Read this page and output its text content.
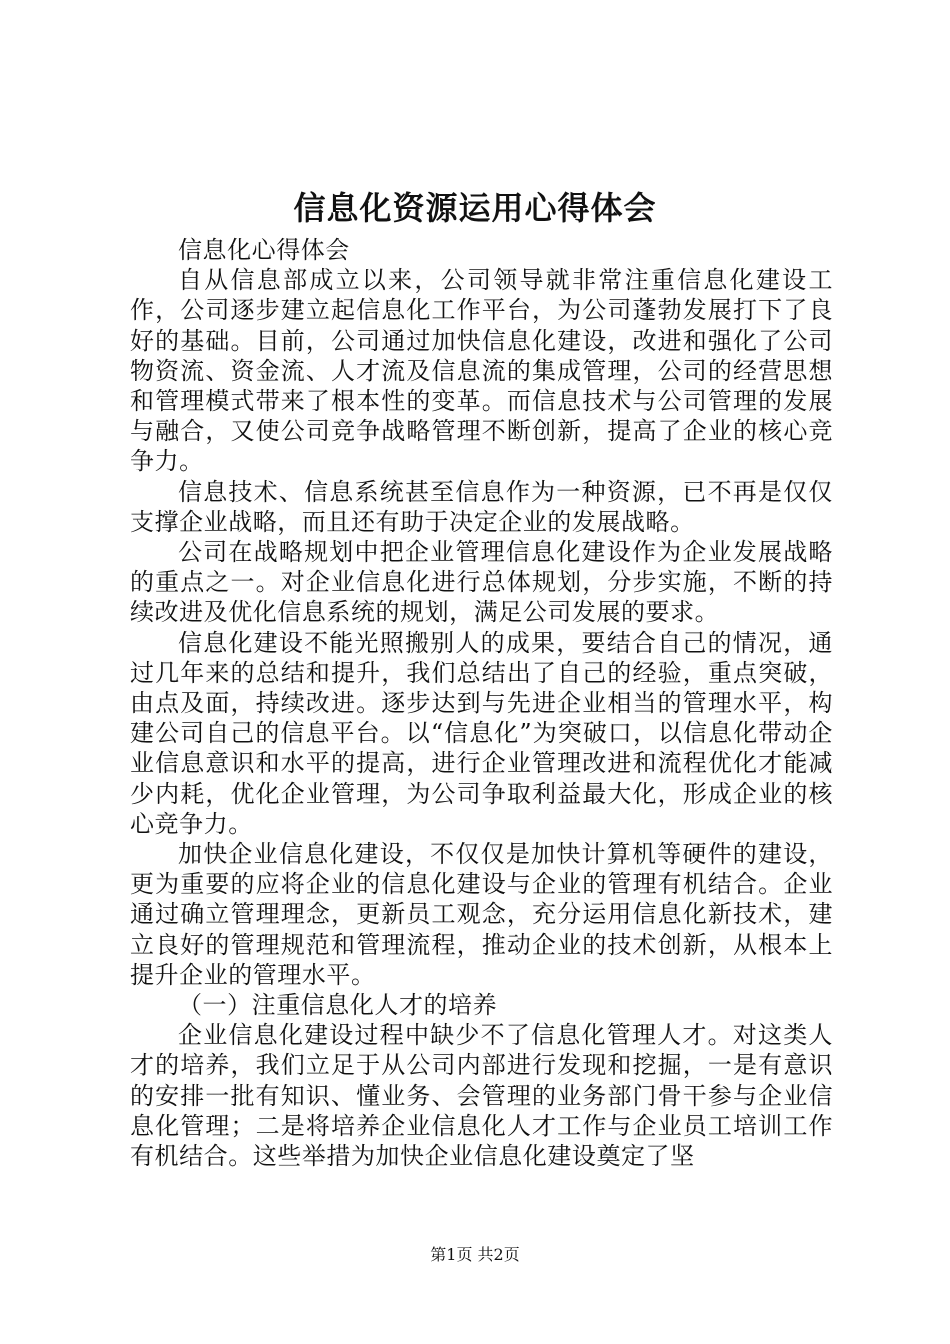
信息化资源运用心得体会

信息化心得体会

自从信息部成立以来，公司领导就非常注重信息化建设工作，公司逐步建立起信息化工作平台，为公司蓬勃发展打下了良好的基础。目前，公司通过加快信息化建设，改进和强化了公司物资流、资金流、人才流及信息流的集成管理，公司的经营思想和管理模式带来了根本性的变革。而信息技术与公司管理的发展与融合，又使公司竞争战略管理不断创新，提高了企业的核心竞争力。

信息技术、信息系统甚至信息作为一种资源，已不再是仅仅支撑企业战略，而且还有助于决定企业的发展战略。

公司在战略规划中把企业管理信息化建设作为企业发展战略的重点之一。对企业信息化进行总体规划，分步实施，不断的持续改进及优化信息系统的规划，满足公司发展的要求。

信息化建设不能光照搬别人的成果，要结合自己的情况，通过几年来的总结和提升，我们总结出了自己的经验，重点突破，由点及面，持续改进。逐步达到与先进企业相当的管理水平，构建公司自己的信息平台。以“信息化”为突破口，以信息化带动企业信息意识和水平的提高，进行企业管理改进和流程优化才能减少内耗，优化企业管理，为公司争取利益最大化，形成企业的核心竞争力。

加快企业信息化建设，不仅仅是加快计算机等硬件的建设，更为重要的应将企业的信息化建设与企业的管理有机结合。企业通过确立管理理念，更新员工观念，充分运用信息化新技术，建立良好的管理规范和管理流程，推动企业的技术创新，从根本上提升企业的管理水平。

（一）注重信息化人才的培养

企业信息化建设过程中缺少不了信息化管理人才。对这类人才的培养，我们立足于从公司内部进行发现和挖掘，一是有意识的安排一批有知识、懂业务、会管理的业务部门骨干参与企业信息化管理；二是将培养企业信息化人才工作与企业员工培训工作有机结合。这些举措为加快企业信息化建设奠定了坚

第1页 共2页
